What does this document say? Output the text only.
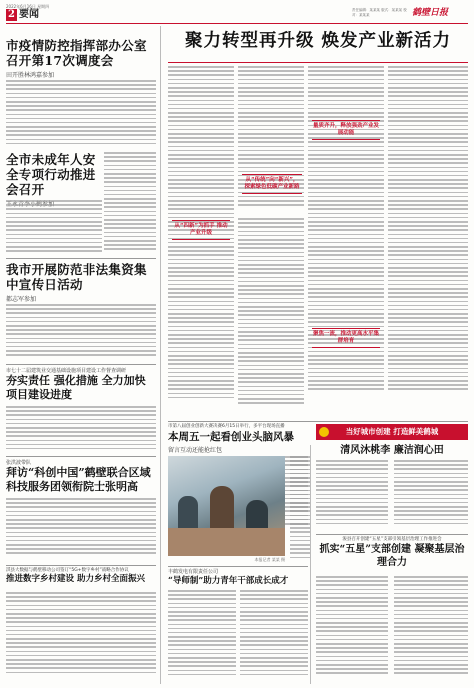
2022年6月16日 星期四
2 要闻	责任编辑：某某某 版式：某某某 校对：某某某	鹤壁日报
市疫情防控指挥部办公室召开第17次调度会
田开胜林鸿嘉参加
全市未成年人安全专项行动推进会召开
我市开展防范非法集资集中宣传日活动
都志军参加
市七十二届建筑业交通基础设施项目建设工作督查调研
夯实责任 强化措施 全力加快项目建设进度
张洪波带队
拜访“科创中国”鹤壁联合区域科技服务团领衔院士张明高
淇县大数据与鹤壁移动公司签订“5G+数字乡村”战略合作协议
推进数字乡村建设 助力乡村全面振兴
聚力转型再升级 焕发产业新活力
从“传统”向“新兴”，探索绿色低碳产业新路
从“四新”为抓手 推动产业升级
量质齐升，释放强劲产业发展动能
聚焦一流，推动更高水平集群培育
市第八届创业创新大赛决赛6月15日举行，多平台现场直播
本周五一起看创业头脑风暴
留言互动还能抢红包
本报记者 某某 摄
丰鹤发电有限责任公司
“导师制”助力青年干部成长成才
当好城市创建 打造鲜美鹤城
清风沐桃李 廉洁润心田
浚县召开创建“五星”支部引领基层治理工作推进会
抓实“五星”支部创建 凝聚基层治理合力
